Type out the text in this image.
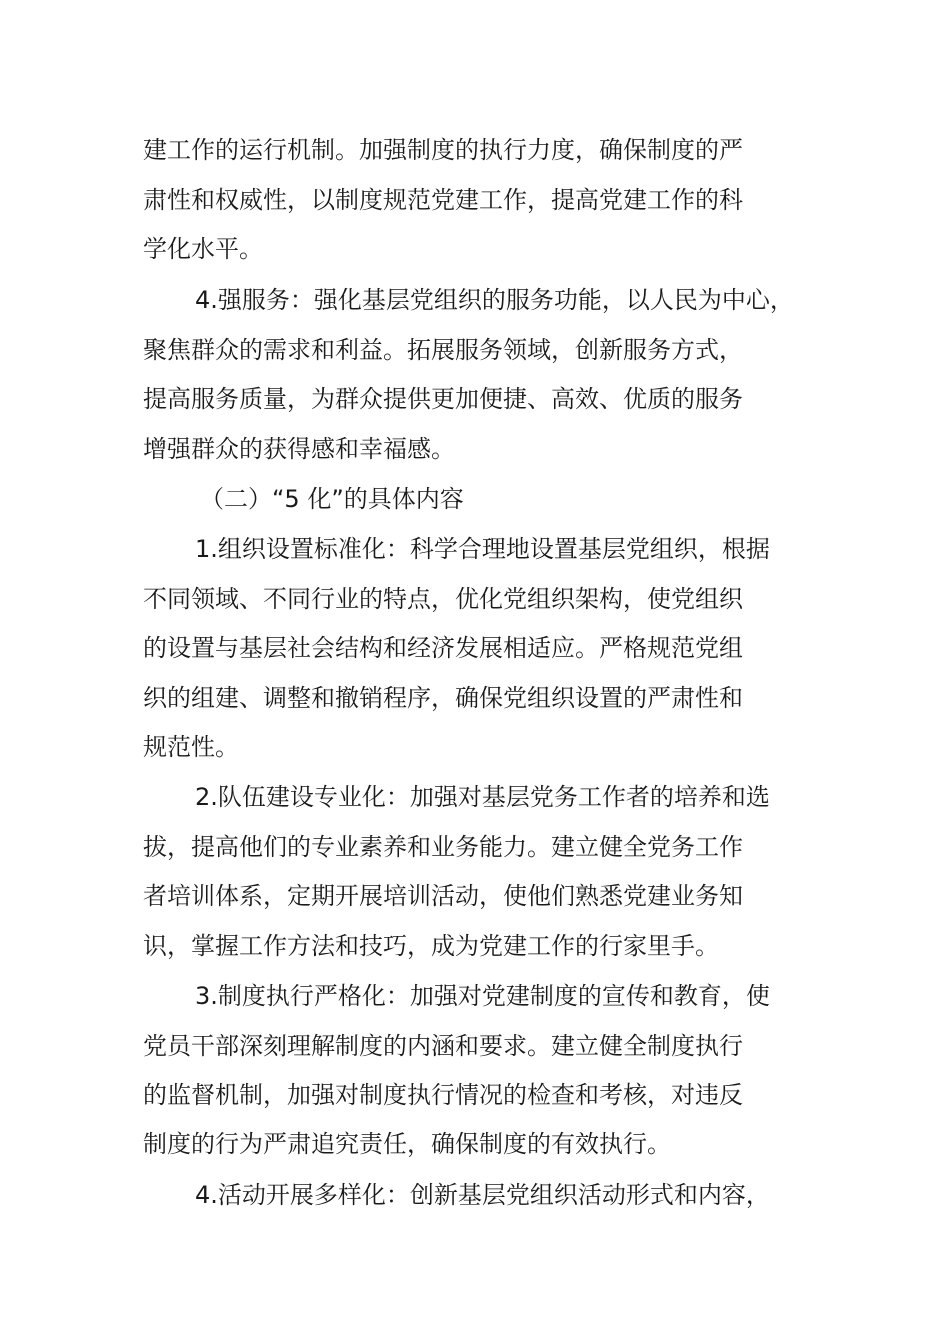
建工作的运行机制。加强制度的执行力度，确保制度的严

肃性和权威性，以制度规范党建工作，提高党建工作的科

学化水平。

4.强服务：强化基层党组织的服务功能，以人民为中心，

聚焦群众的需求和利益。拓展服务领域，创新服务方式，

提高服务质量，为群众提供更加便捷、高效、优质的服务

增强群众的获得感和幸福感。

（二）“5 化”的具体内容

1.组织设置标准化：科学合理地设置基层党组织，根据

不同领域、不同行业的特点，优化党组织架构，使党组织

的设置与基层社会结构和经济发展相适应。严格规范党组

织的组建、调整和撤销程序，确保党组织设置的严肃性和

规范性。

2.队伍建设专业化：加强对基层党务工作者的培养和选

拔，提高他们的专业素养和业务能力。建立健全党务工作

者培训体系，定期开展培训活动，使他们熟悉党建业务知

识，掌握工作方法和技巧，成为党建工作的行家里手。

3.制度执行严格化：加强对党建制度的宣传和教育，使

党员干部深刻理解制度的内涵和要求。建立健全制度执行

的监督机制，加强对制度执行情况的检查和考核，对违反

制度的行为严肃追究责任，确保制度的有效执行。

4.活动开展多样化：创新基层党组织活动形式和内容，
